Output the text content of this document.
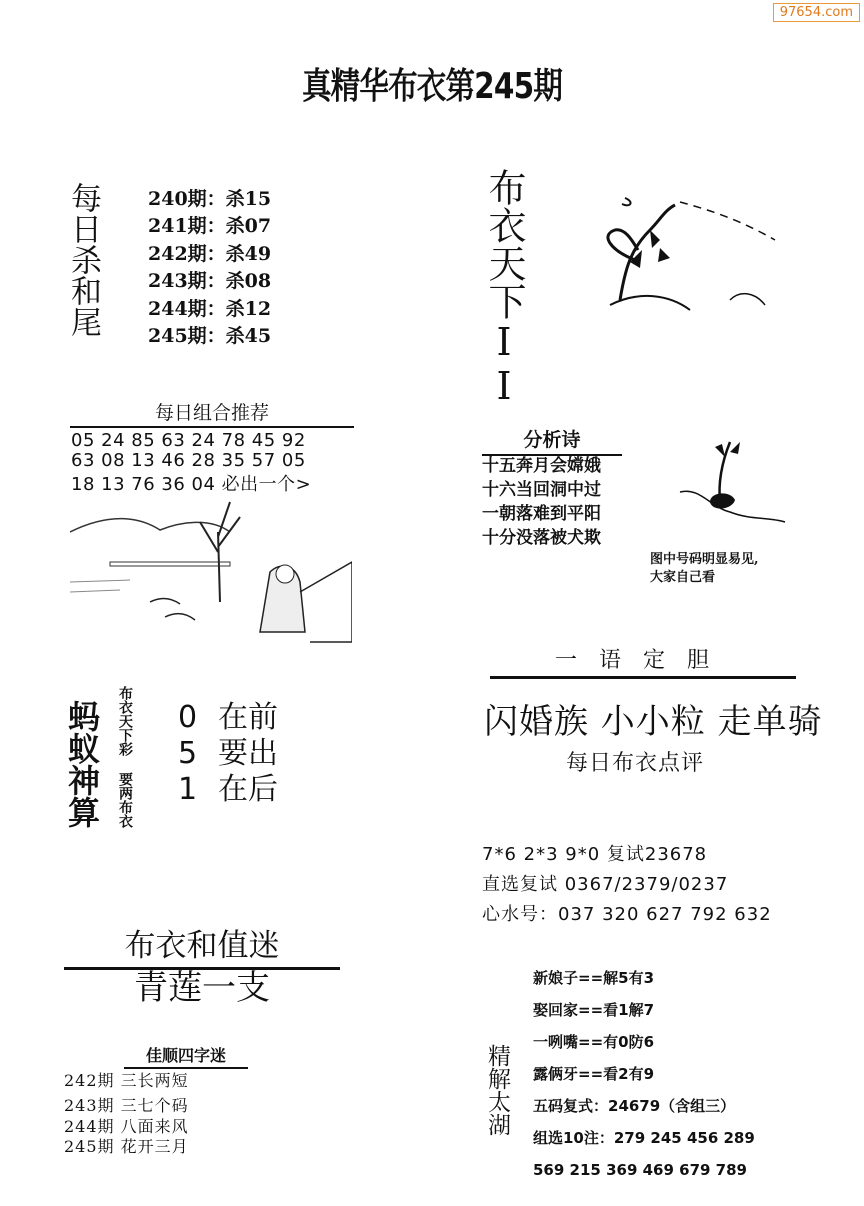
97654.com
真精华布衣第245期
每日杀和尾 240期：杀15
241期：杀07
242期：杀49
243期：杀08
244期：杀12
245期：杀45	布衣天下II
每日组合推荐
05 24 85 63 24 78 45 92
63 08 13 46 28 35 57 05
18 13 76 36 04 必出一个>
分析诗
十五奔月会嫦娥
十六当回洞中过
一朝落难到平阳
十分没落被犬欺
图中号码明显易见,
大家自己看
一语定胆
闪婚族 小小粒 走单骑
每日布衣点评
7*6 2*3 9*0 复试23678
直选复试 0367/2379/0237
心水号：037 320 627 792 632
蚂蚁神算 布衣天下彩 要两布衣 0 在前
5 要出
1 在后
布衣和值迷
青莲一支
佳顺四字迷
242期 三长两短
243期 三七个码
244期 八面来风
245期 花开三月
精解太湖
新娘子==解5有3
娶回家==看1解7
一咧嘴==有0防6
露俩牙==看2有9
五码复式：24679（含组三）
组选10注：279 245 456 289
569 215 369 469 679 789
